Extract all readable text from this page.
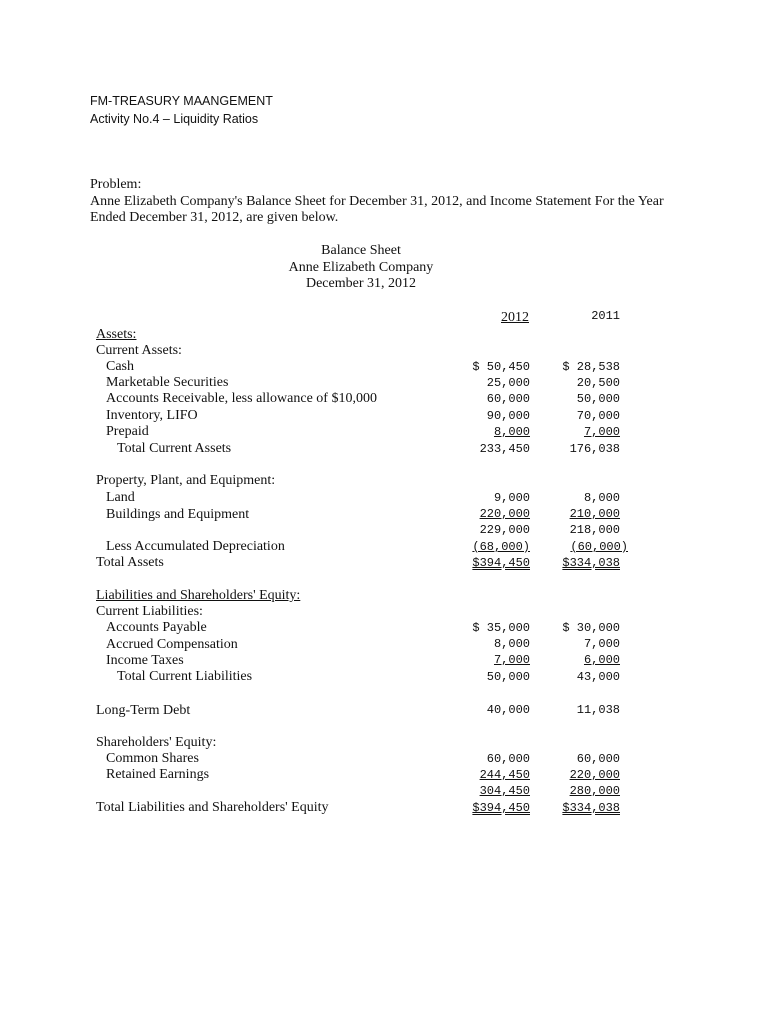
FM-TREASURY MAANGEMENT
Activity No.4 – Liquidity Ratios
Problem:
Anne Elizabeth Company's Balance Sheet for December 31, 2012, and Income Statement For the Year
Ended December 31, 2012, are given below.
Balance Sheet
Anne Elizabeth Company
December 31, 2012
2012	2011
Assets:
Current Assets:
Cash	$ 50,450	$ 28,538
Marketable Securities	25,000	20,500
Accounts Receivable, less allowance of $10,000	60,000	50,000
Inventory, LIFO	90,000	70,000
Prepaid	8,000	7,000
Total Current Assets	233,450	176,038
Property, Plant, and Equipment:
Land	9,000	8,000
Buildings and Equipment	220,000	210,000
229,000	218,000
Less Accumulated Depreciation	(68,000)	(60,000)
Total Assets	$394,450	$334,038
Liabilities and Shareholders' Equity:
Current Liabilities:
Accounts Payable	$ 35,000	$ 30,000
Accrued Compensation	8,000	7,000
Income Taxes	7,000	6,000
Total Current Liabilities	50,000	43,000
Long-Term Debt	40,000	11,038
Shareholders' Equity:
Common Shares	60,000	60,000
Retained Earnings	244,450	220,000
304,450	280,000
Total Liabilities and Shareholders' Equity	$394,450	$334,038
